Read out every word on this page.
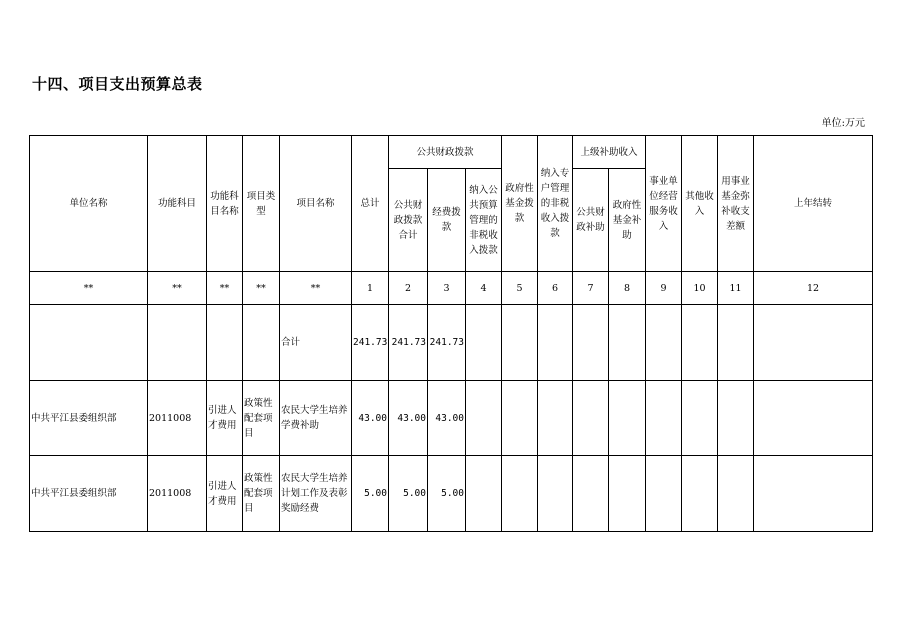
十四、项目支出预算总表
单位:万元
单位名称	功能科目	功能科目名称	项目类型	项目名称	总计	公共财政拨款			政府性基金拨款	纳入专户管理的非税收入拨款	上级补助收入		事业单位经营服务收入	其他收入	用事业基金弥补收支差额	上年结转
						公共财政拨款合计	经费拨款	纳入公共预算管理的非税收入拨款			公共财政补助	政府性基金补助				
**	**	**	**	**	1	2	3	4	5	6	7	8	9	10	11	12
				合计	241.73	241.73	241.73									
中共平江县委组织部	2011008	引进人才费用	政策性配套项目	农民大学生培养学费补助	43.00	43.00	43.00									
中共平江县委组织部	2011008	引进人才费用	政策性配套项目	农民大学生培养计划工作及表彰奖励经费	5.00	5.00	5.00									
